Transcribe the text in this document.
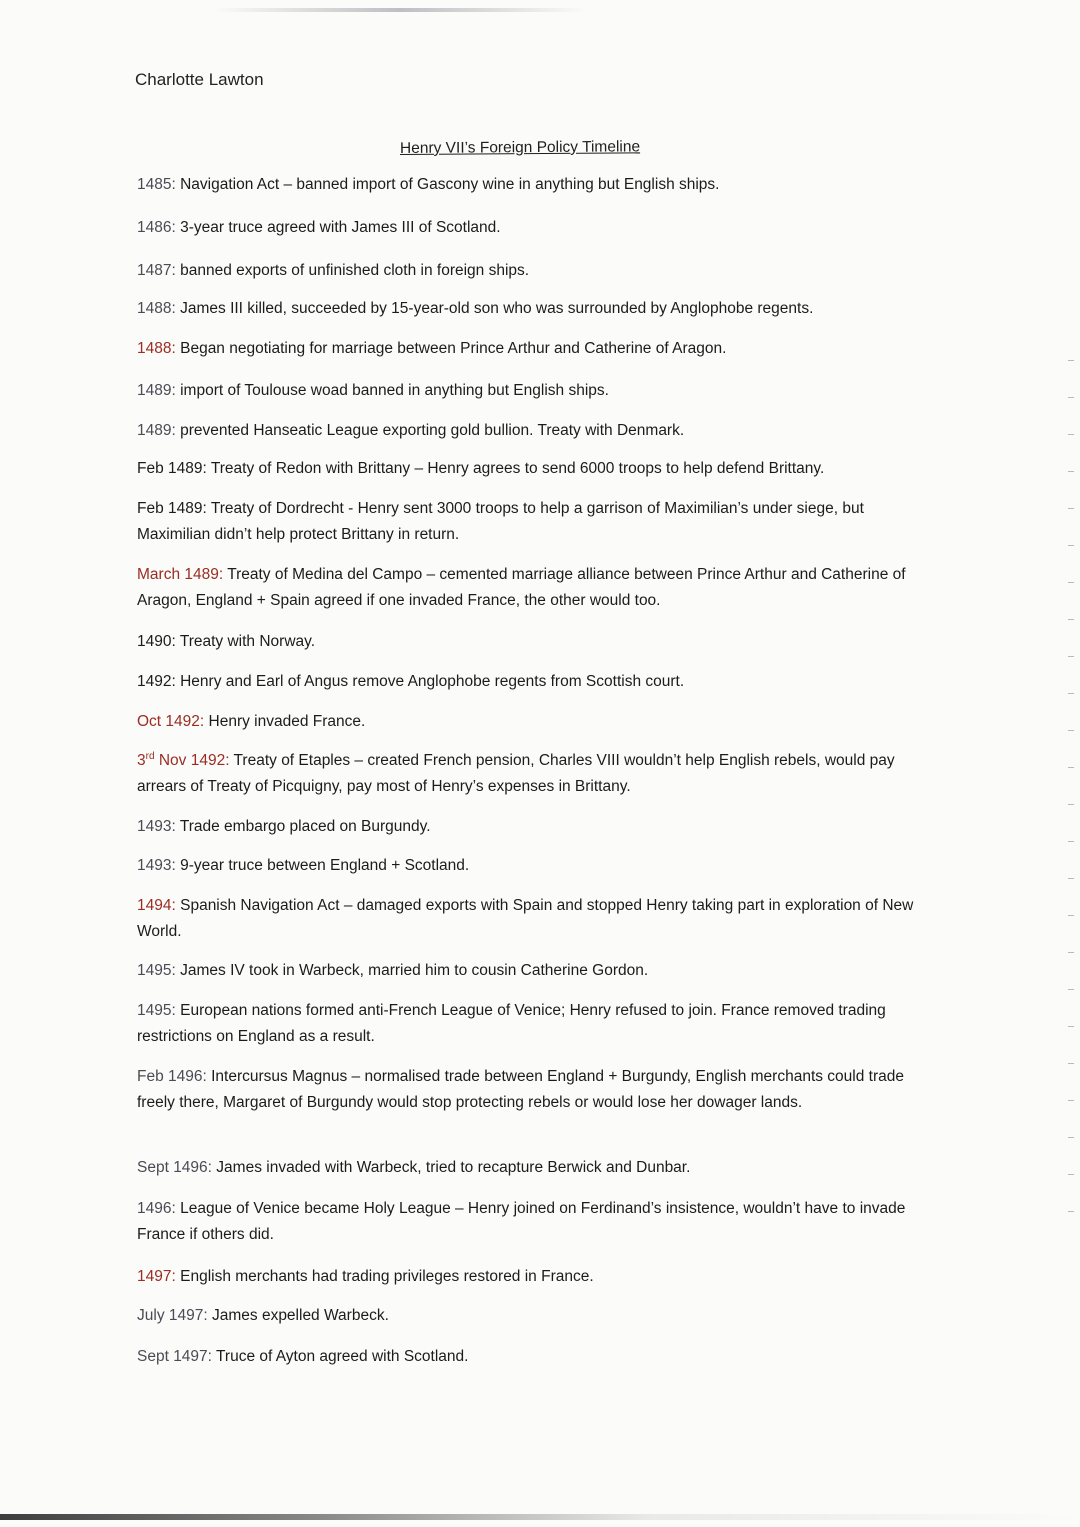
Charlotte Lawton
Henry VII’s Foreign Policy Timeline
1485: Navigation Act – banned import of Gascony wine in anything but English ships.
1486: 3-year truce agreed with James III of Scotland.
1487: banned exports of unfinished cloth in foreign ships.
1488: James III killed, succeeded by 15-year-old son who was surrounded by Anglophobe regents.
1488: Began negotiating for marriage between Prince Arthur and Catherine of Aragon.
1489: import of Toulouse woad banned in anything but English ships.
1489: prevented Hanseatic League exporting gold bullion. Treaty with Denmark.
Feb 1489: Treaty of Redon with Brittany – Henry agrees to send 6000 troops to help defend Brittany.
Feb 1489: Treaty of Dordrecht - Henry sent 3000 troops to help a garrison of Maximilian’s under siege, but Maximilian didn’t help protect Brittany in return.
March 1489: Treaty of Medina del Campo – cemented marriage alliance between Prince Arthur and Catherine of Aragon, England + Spain agreed if one invaded France, the other would too.
1490: Treaty with Norway.
1492: Henry and Earl of Angus remove Anglophobe regents from Scottish court.
Oct 1492: Henry invaded France.
3rd Nov 1492: Treaty of Etaples – created French pension, Charles VIII wouldn’t help English rebels, would pay arrears of Treaty of Picquigny, pay most of Henry’s expenses in Brittany.
1493: Trade embargo placed on Burgundy.
1493: 9-year truce between England + Scotland.
1494: Spanish Navigation Act – damaged exports with Spain and stopped Henry taking part in exploration of New World.
1495: James IV took in Warbeck, married him to cousin Catherine Gordon.
1495: European nations formed anti-French League of Venice; Henry refused to join. France removed trading restrictions on England as a result.
Feb 1496: Intercursus Magnus – normalised trade between England + Burgundy, English merchants could trade freely there, Margaret of Burgundy would stop protecting rebels or would lose her dowager lands.
Sept 1496: James invaded with Warbeck, tried to recapture Berwick and Dunbar.
1496: League of Venice became Holy League – Henry joined on Ferdinand’s insistence, wouldn’t have to invade France if others did.
1497: English merchants had trading privileges restored in France.
July 1497: James expelled Warbeck.
Sept 1497: Truce of Ayton agreed with Scotland.
